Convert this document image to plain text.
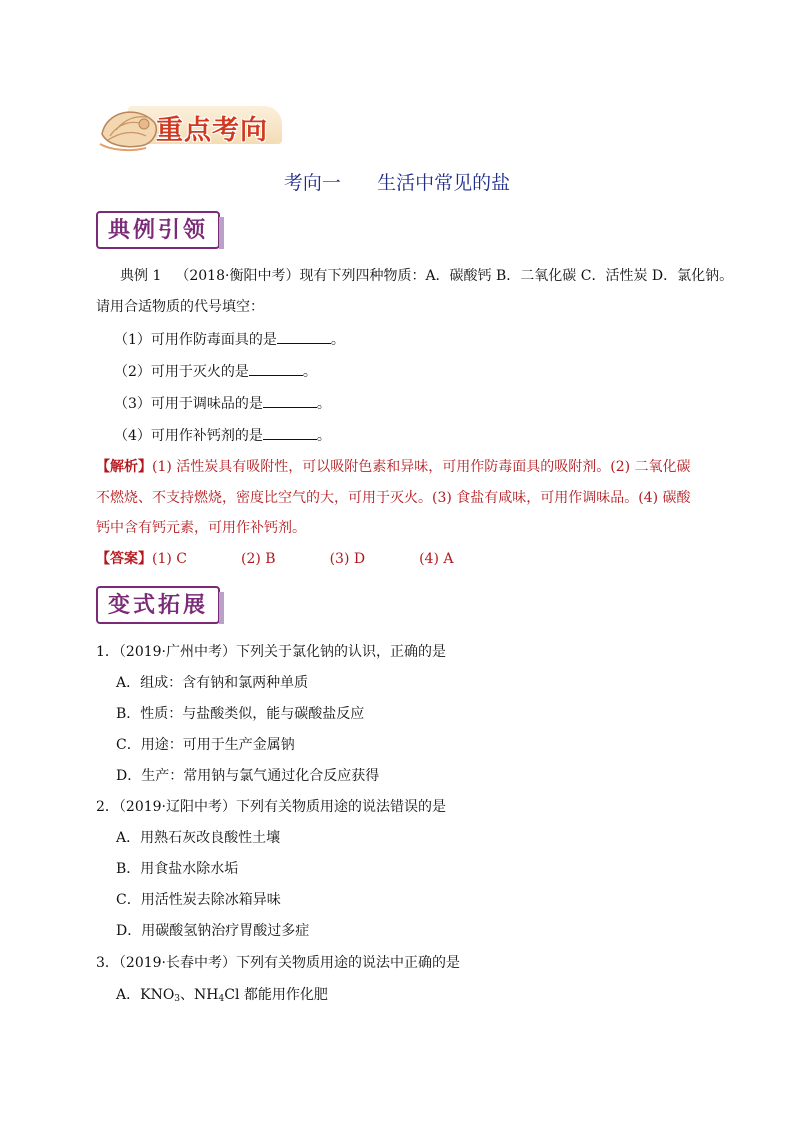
重点考向
考向一      生活中常见的盐
典例引领
典例 1 （2018·衡阳中考）现有下列四种物质：A．碳酸钙 B．二氧化碳 C．活性炭 D．氯化钠。
请用合适物质的代号填空：
（1）可用作防毒面具的是	。
（2）可用于灭火的是	。
（3）可用于调味品的是	。
（4）可用作补钙剂的是	。
【解析】(1) 活性炭具有吸附性，可以吸附色素和异味，可用作防毒面具的吸附剂。(2) 二氧化碳
不燃烧、不支持燃烧，密度比空气的大，可用于灭火。(3) 食盐有咸味，可用作调味品。(4) 碳酸
钙中含有钙元素，可用作补钙剂。
【答案】(1) C	(2) B	(3) D	(4) A
变式拓展
1．（2019·广州中考）下列关于氯化钠的认识，正确的是
A．组成：含有钠和氯两种单质
B．性质：与盐酸类似，能与碳酸盐反应
C．用途：可用于生产金属钠
D．生产：常用钠与氯气通过化合反应获得
2．（2019·辽阳中考）下列有关物质用途的说法错误的是
A．用熟石灰改良酸性土壤
B．用食盐水除水垢
C．用活性炭去除冰箱异味
D．用碳酸氢钠治疗胃酸过多症
3．（2019·长春中考）下列有关物质用途的说法中正确的是
A．$KNO_3$、$NH_4Cl$ 都能用作化肥
